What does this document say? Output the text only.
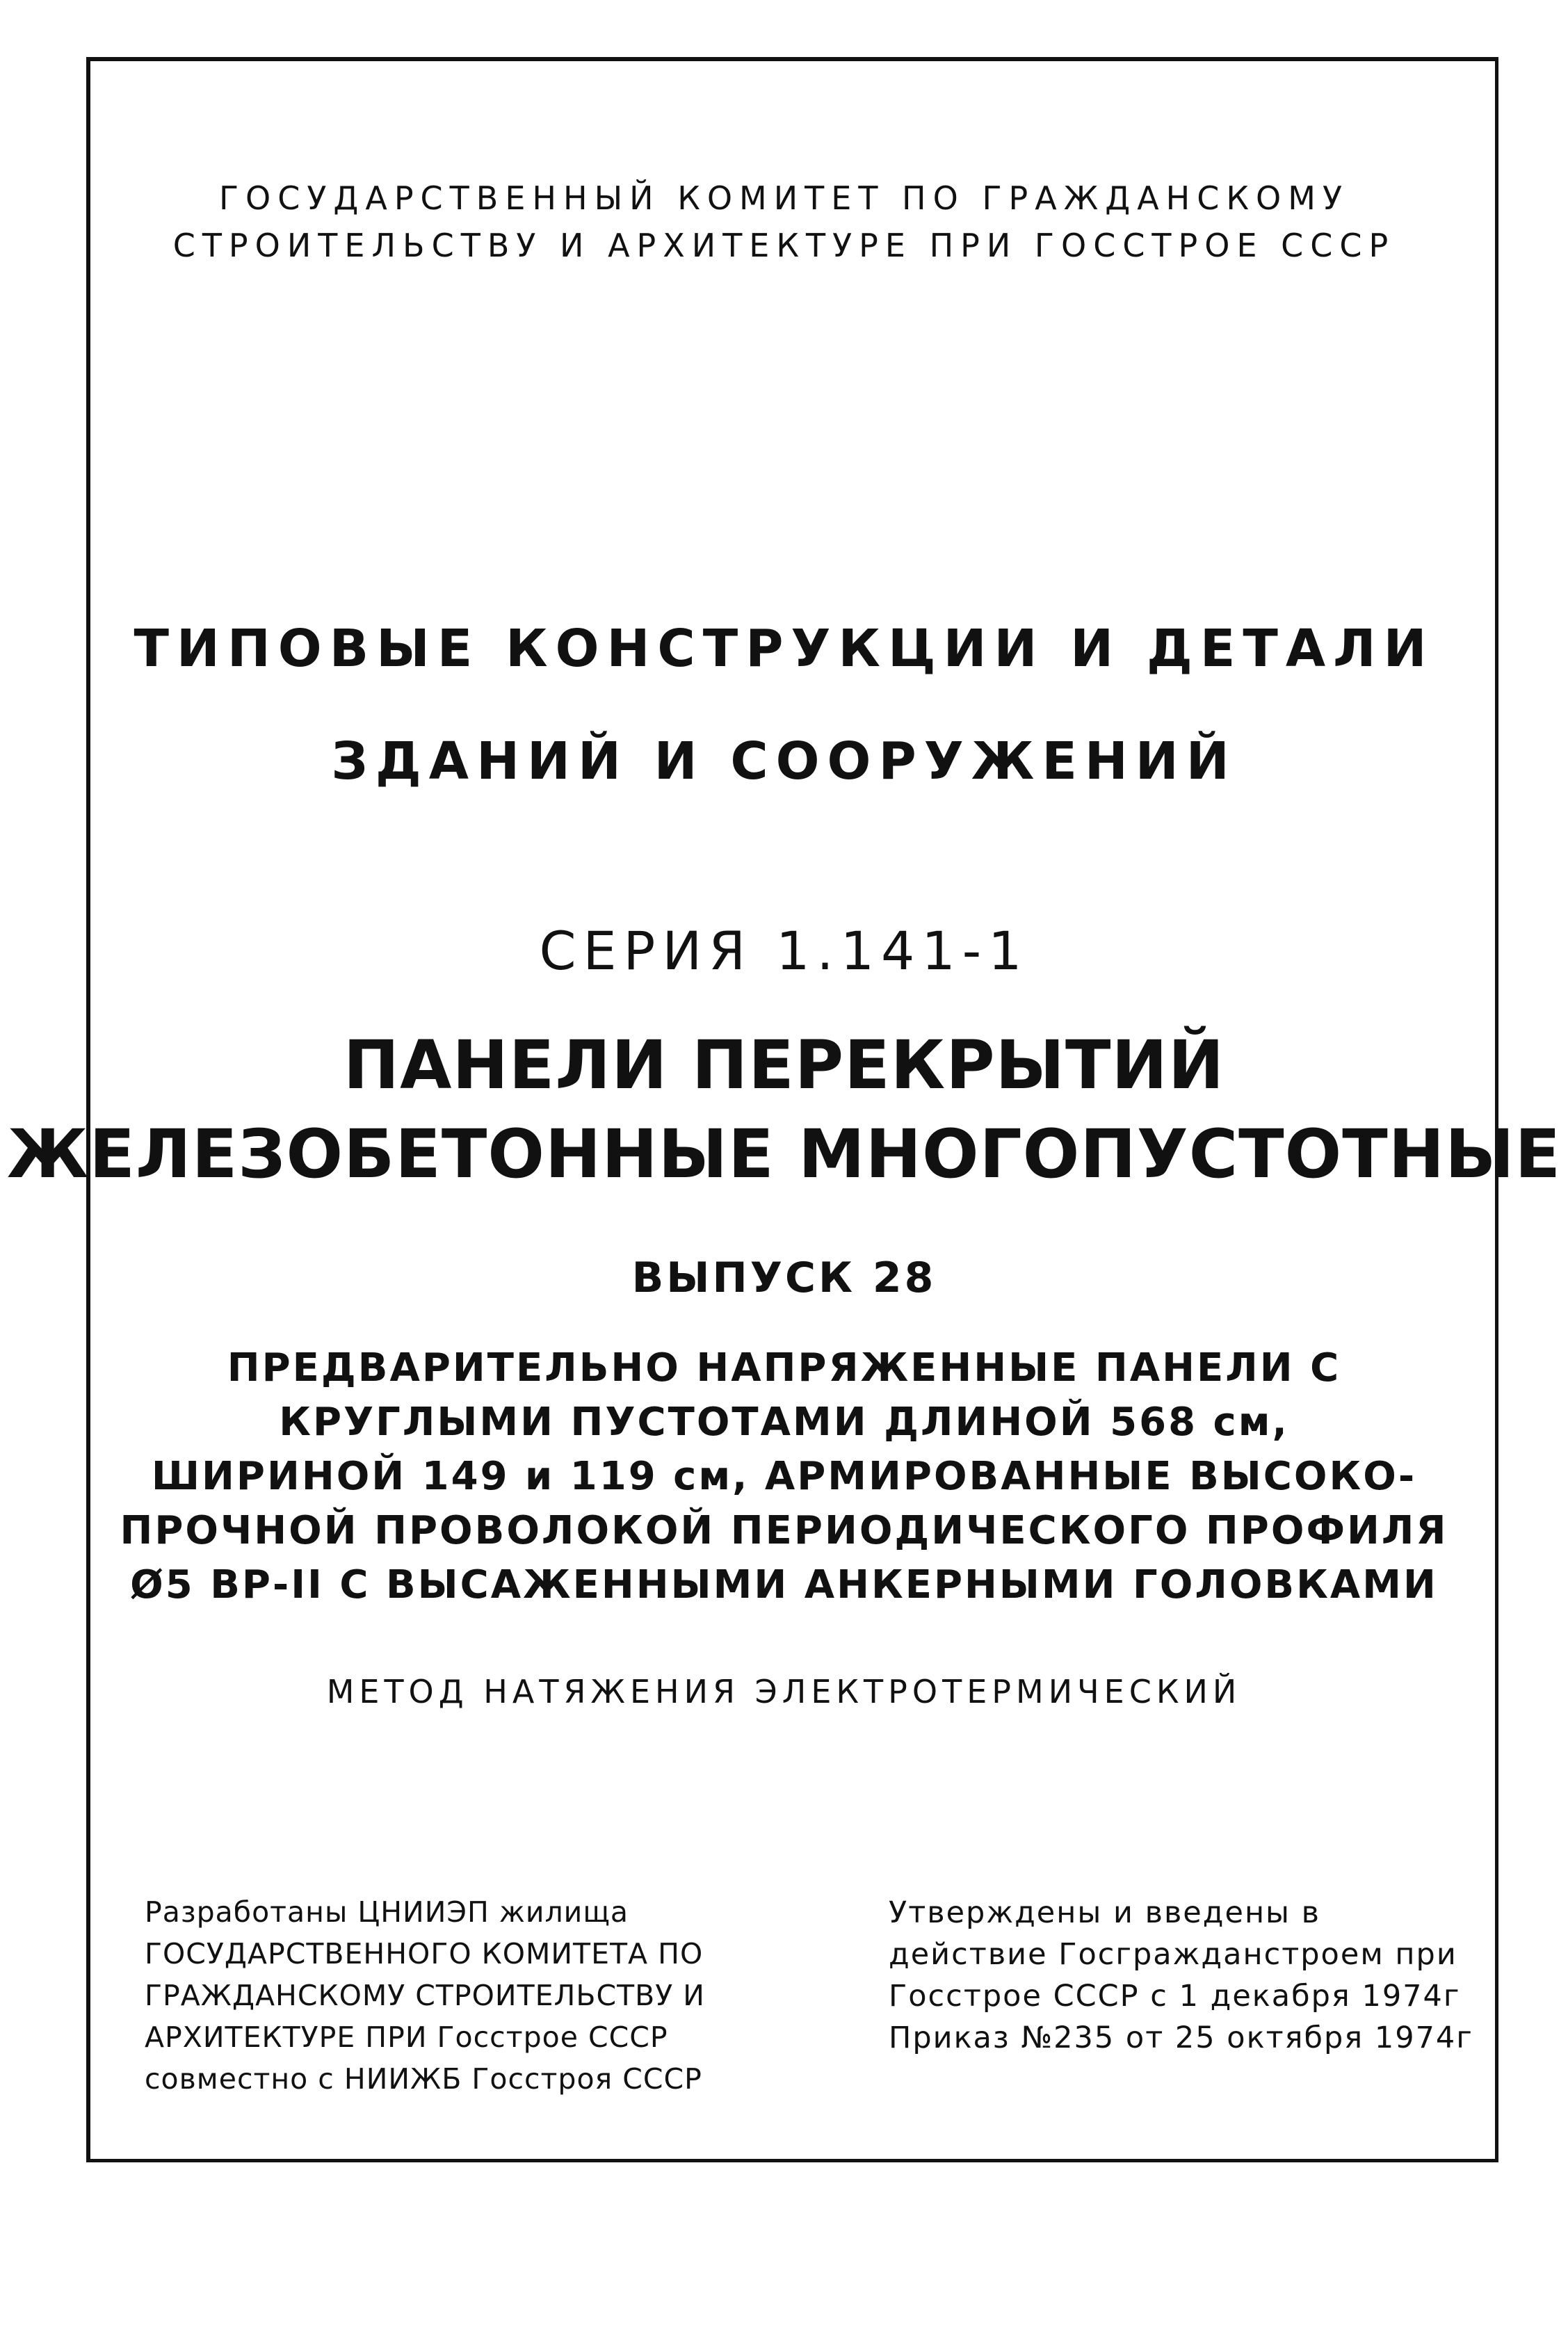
ГОСУДАРСТВЕННЫЙ КОМИТЕТ ПО ГРАЖДАНСКОМУ
СТРОИТЕЛЬСТВУ И АРХИТЕКТУРЕ ПРИ ГОССТРОЕ СССР
ТИПОВЫЕ КОНСТРУКЦИИ И ДЕТАЛИ
ЗДАНИЙ И СООРУЖЕНИЙ
СЕРИЯ 1.141-1
ПАНЕЛИ ПЕРЕКРЫТИЙ
ЖЕЛЕЗОБЕТОННЫЕ МНОГОПУСТОТНЫЕ
ВЫПУСК 28
ПРЕДВАРИТЕЛЬНО НАПРЯЖЕННЫЕ ПАНЕЛИ С
КРУГЛЫМИ ПУСТОТАМИ ДЛИНОЙ 568 см,
ШИРИНОЙ 149 и 119 см, АРМИРОВАННЫЕ ВЫСОКО-
ПРОЧНОЙ ПРОВОЛОКОЙ ПЕРИОДИЧЕСКОГО ПРОФИЛЯ
Ø5 ВР-II С ВЫСАЖЕННЫМИ АНКЕРНЫМИ ГОЛОВКАМИ
МЕТОД НАТЯЖЕНИЯ ЭЛЕКТРОТЕРМИЧЕСКИЙ
Разработаны ЦНИИЭП жилища
ГОСУДАРСТВЕННОГО КОМИТЕТА ПО
ГРАЖДАНСКОМУ СТРОИТЕЛЬСТВУ И
АРХИТЕКТУРЕ ПРИ Госстрое СССР
совместно с НИИЖБ Госстроя СССР
Утверждены и введены в
действие Госгражданстроем при
Госстрое СССР с 1 декабря 1974г
Приказ №235 от 25 октября 1974г
